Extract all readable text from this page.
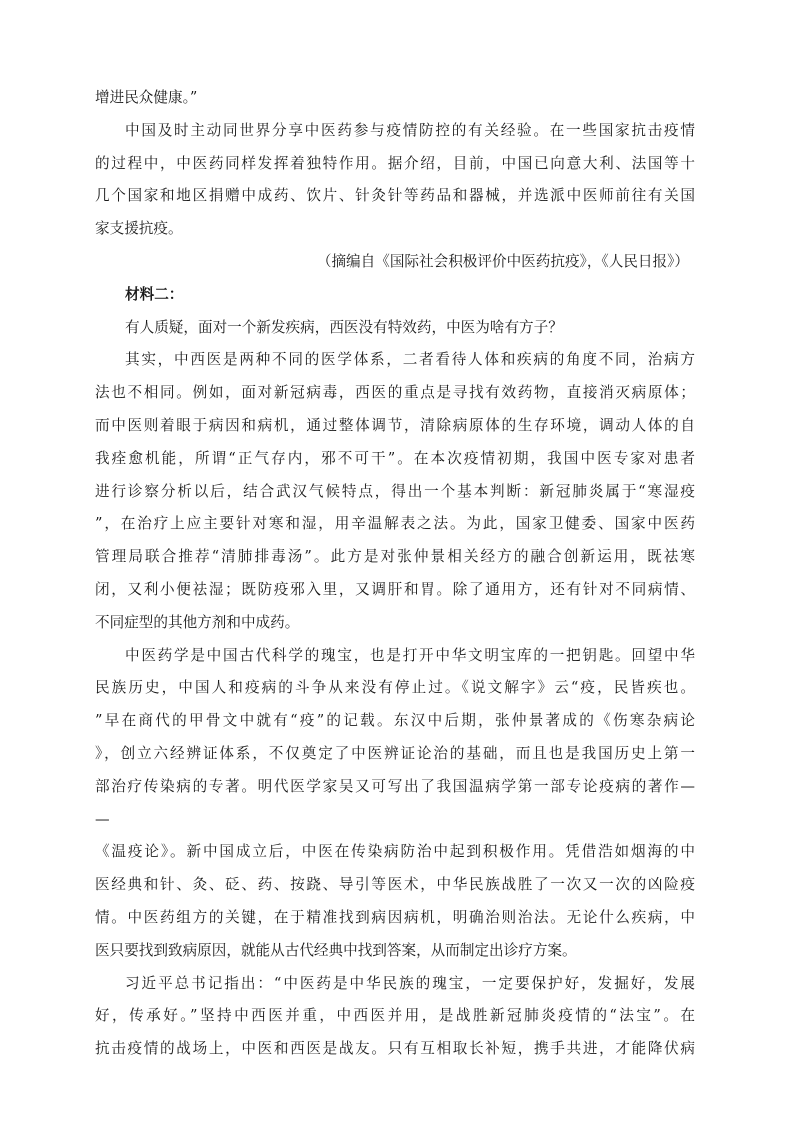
增进民众健康。”
中国及时主动同世界分享中医药参与疫情防控的有关经验。在一些国家抗击疫情
的过程中，中医药同样发挥着独特作用。据介绍，目前，中国已向意大利、法国等十
几个国家和地区捐赠中成药、饮片、针灸针等药品和器械，并选派中医师前往有关国
家支援抗疫。
（摘编自《国际社会积极评价中医药抗疫》，《人民日报》）
材料二：
有人质疑，面对一个新发疾病，西医没有特效药，中医为啥有方子？
其实，中西医是两种不同的医学体系，二者看待人体和疾病的角度不同，治病方
法也不相同。例如，面对新冠病毒，西医的重点是寻找有效药物，直接消灭病原体；
而中医则着眼于病因和病机，通过整体调节，清除病原体的生存环境，调动人体的自
我痊愈机能，所谓“正气存内，邪不可干”。在本次疫情初期，我国中医专家对患者
进行诊察分析以后，结合武汉气候特点，得出一个基本判断：新冠肺炎属于“寒湿疫
”，在治疗上应主要针对寒和湿，用辛温解表之法。为此，国家卫健委、国家中医药
管理局联合推荐“清肺排毒汤”。此方是对张仲景相关经方的融合创新运用，既祛寒
闭，又利小便祛湿；既防疫邪入里，又调肝和胃。除了通用方，还有针对不同病情、
不同症型的其他方剂和中成药。
中医药学是中国古代科学的瑰宝，也是打开中华文明宝库的一把钥匙。回望中华
民族历史，中国人和疫病的斗争从来没有停止过。《说文解字》云“疫，民皆疾也。
”早在商代的甲骨文中就有“疫”的记载。东汉中后期，张仲景著成的《伤寒杂病论
》，创立六经辨证体系，不仅奠定了中医辨证论治的基础，而且也是我国历史上第一
部治疗传染病的专著。明代医学家吴又可写出了我国温病学第一部专论疫病的著作—
—
《温疫论》。新中国成立后，中医在传染病防治中起到积极作用。凭借浩如烟海的中
医经典和针、灸、砭、药、按跷、导引等医术，中华民族战胜了一次又一次的凶险疫
情。中医药组方的关键，在于精准找到病因病机，明确治则治法。无论什么疾病，中
医只要找到致病原因，就能从古代经典中找到答案，从而制定出诊疗方案。
习近平总书记指出：“中医药是中华民族的瑰宝，一定要保护好，发掘好，发展
好，传承好。”坚持中西医并重，中西医并用，是战胜新冠肺炎疫情的“法宝”。在
抗击疫情的战场上，中医和西医是战友。只有互相取长补短，携手共进，才能降伏病
